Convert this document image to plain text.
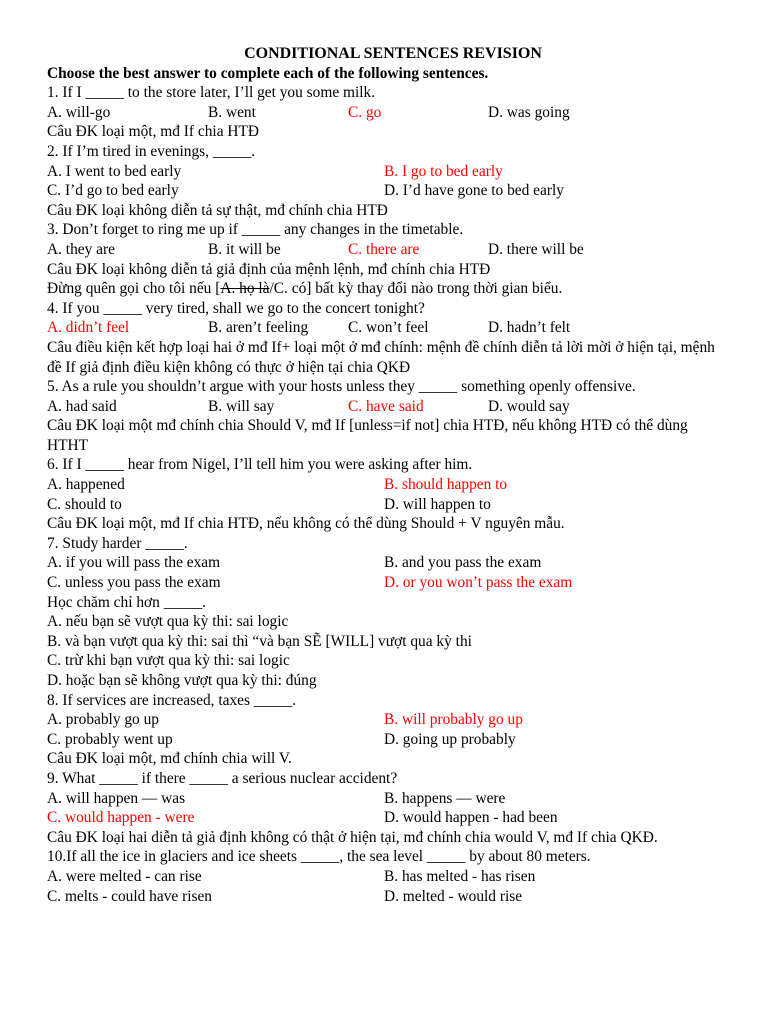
CONDITIONAL SENTENCES REVISION
Choose the best answer to complete each of the following sentences.
1. If I _____ to the store later, I’ll get you some milk.
A. will-go	B. went	C. go	D. was going
Câu ĐK loại một, mđ If chia HTĐ
2. If I’m tired in evenings, _____.
A. I went to bed early	B. I go to bed early
C. I’d go to bed early	D. I’d have gone to bed early
Câu ĐK loại không diễn tả sự thật, mđ chính chia HTĐ
3. Don’t forget to ring me up if _____ any changes in the timetable.
A. they are	B. it will be	C. there are	D. there will be
Câu ĐK loại không diễn tả giả định của mệnh lệnh, mđ chính chia HTĐ
Đừng quên gọi cho tôi nếu [A. họ là/C. có] bất kỳ thay đổi nào trong thời gian biểu.
4. If you _____ very tired, shall we go to the concert tonight?
A. didn’t feel	B. aren’t feeling	C. won’t feel	D. hadn’t felt
Câu điều kiện kết hợp loại hai ở mđ If+ loại một ở mđ chính: mệnh đề chính diễn tả lời mời ở hiện tại, mệnh đề If giả định điều kiện không có thực ở hiện tại chia QKĐ
5. As a rule you shouldn’t argue with your hosts unless they _____ something openly offensive.
A. had said	B. will say	C. have said	D. would say
Câu ĐK loại một mđ chính chia Should V, mđ If [unless=if not] chia HTĐ, nếu không HTĐ có thể dùng HTHT
6. If I _____ hear from Nigel, I’ll tell him you were asking after him.
A. happened	B. should happen to
C. should to	D. will happen to
Câu ĐK loại một, mđ If chia HTĐ, nếu không có thể dùng Should + V nguyên mẫu.
7. Study harder _____.
A. if you will pass the exam	B. and you pass the exam
C. unless you pass the exam	D. or you won’t pass the exam
Học chăm chỉ hơn _____.
A. nếu bạn sẽ vượt qua kỳ thi: sai logic
B. và bạn vượt qua kỳ thi: sai thì “và bạn SẼ [WILL] vượt qua kỳ thi
C. trừ khi bạn vượt qua kỳ thi: sai logic
D. hoặc bạn sẽ không vượt qua kỳ thi: đúng
8. If services are increased, taxes _____.
A. probably go up	B. will probably go up
C. probably went up	D. going up probably
Câu ĐK loại một, mđ chính chia will V.
9. What _____ if there _____ a serious nuclear accident?
A. will happen — was	B. happens — were
C. would happen - were	D. would happen - had been
Câu ĐK loại hai diễn tả giả định không có thật ở hiện tại, mđ chính chia would V, mđ If chia QKĐ.
10.If all the ice in glaciers and ice sheets _____, the sea level _____ by about 80 meters.
A. were melted - can rise	B. has melted - has risen
C. melts - could have risen	D. melted - would rise
